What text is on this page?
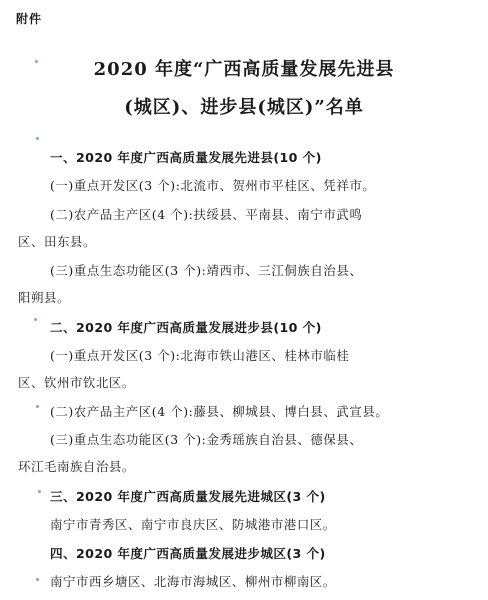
附件
2020 年度“广西高质量发展先进县
(城区)、进步县(城区)”名单
一、2020 年度广西高质量发展先进县(10 个)
(一)重点开发区(3 个):北流市、贺州市平桂区、凭祥市。
(二)农产品主产区(4 个):扶绥县、平南县、南宁市武鸣
区、田东县。
(三)重点生态功能区(3 个):靖西市、三江侗族自治县、
阳朔县。
二、2020 年度广西高质量发展进步县(10 个)
(一)重点开发区(3 个):北海市铁山港区、桂林市临桂
区、钦州市钦北区。
(二)农产品主产区(4 个):藤县、柳城县、博白县、武宣县。
(三)重点生态功能区(3 个):金秀瑶族自治县、德保县、
环江毛南族自治县。
三、2020 年度广西高质量发展先进城区(3 个)
南宁市青秀区、南宁市良庆区、防城港市港口区。
四、2020 年度广西高质量发展进步城区(3 个)
南宁市西乡塘区、北海市海城区、柳州市柳南区。
